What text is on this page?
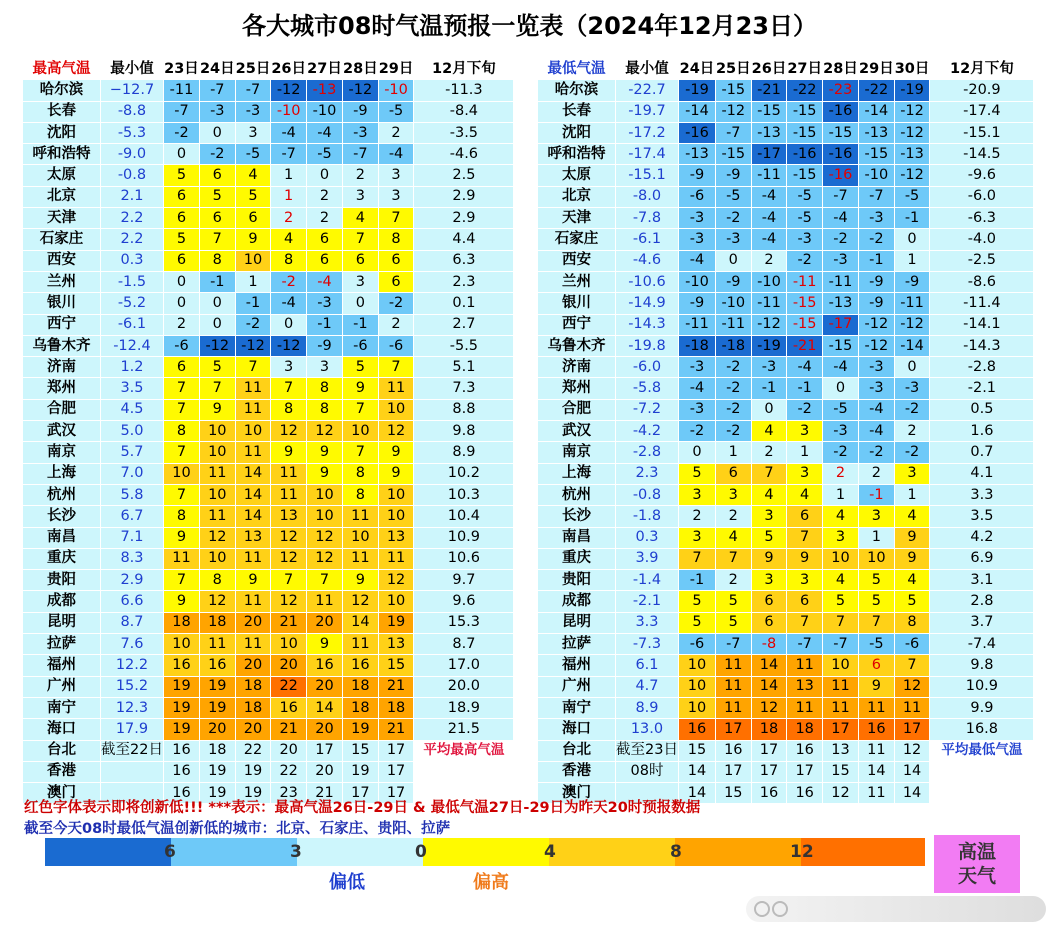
各大城市08时气温预报一览表（2024年12月23日）
最高气温	最小值	23日	24日	25日	26日	27日	28日	29日	12月下旬
哈尔滨	−12.7	-11	-7	-7	-12	-13	-12	-10	-11.3
长春	-8.8	-7	-3	-3	-10	-10	-9	-5	-8.4
沈阳	-5.3	-2	0	3	-4	-4	-3	2	-3.5
呼和浩特	-9.0	0	-2	-5	-7	-5	-7	-4	-4.6
太原	-0.8	5	6	4	1	0	2	3	2.5
北京	2.1	6	5	5	1	2	3	3	2.9
天津	2.2	6	6	6	2	2	4	7	2.9
石家庄	2.2	5	7	9	4	6	7	8	4.4
西安	0.3	6	8	10	8	6	6	6	6.3
兰州	-1.5	0	-1	1	-2	-4	3	6	2.3
银川	-5.2	0	0	-1	-4	-3	0	-2	0.1
西宁	-6.1	2	0	-2	0	-1	-1	2	2.7
乌鲁木齐	-12.4	-6	-12	-12	-12	-9	-6	-6	-5.5
济南	1.2	6	5	7	3	3	5	7	5.1
郑州	3.5	7	7	11	7	8	9	11	7.3
合肥	4.5	7	9	11	8	8	7	10	8.8
武汉	5.0	8	10	10	12	12	10	12	9.8
南京	5.7	7	10	11	9	9	7	9	8.9
上海	7.0	10	11	14	11	9	8	9	10.2
杭州	5.8	7	10	14	11	10	8	10	10.3
长沙	6.7	8	11	14	13	10	11	10	10.4
南昌	7.1	9	12	13	12	12	10	13	10.9
重庆	8.3	11	10	11	12	12	11	11	10.6
贵阳	2.9	7	8	9	7	7	9	12	9.7
成都	6.6	9	12	11	12	11	12	10	9.6
昆明	8.7	18	18	20	21	20	14	19	15.3
拉萨	7.6	10	11	11	10	9	11	13	8.7
福州	12.2	16	16	20	20	16	16	15	17.0
广州	15.2	19	19	18	22	20	18	21	20.0
南宁	12.3	19	19	18	16	14	18	18	18.9
海口	17.9	19	20	20	21	20	19	21	21.5
台北	截至22日	16	18	22	20	17	15	17	平均最高气温
香港		16	19	19	22	20	19	17	
澳门		16	19	19	23	21	17	17	
最低气温	最小值	24日	25日	26日	27日	28日	29日	30日	12月下旬
哈尔滨	-22.7	-19	-15	-21	-22	-23	-22	-19	-20.9
长春	-19.7	-14	-12	-15	-15	-16	-14	-12	-17.4
沈阳	-17.2	-16	-7	-13	-15	-15	-13	-12	-15.1
呼和浩特	-17.4	-13	-15	-17	-16	-16	-15	-13	-14.5
太原	-15.1	-9	-9	-11	-15	-16	-10	-12	-9.6
北京	-8.0	-6	-5	-4	-5	-7	-7	-5	-6.0
天津	-7.8	-3	-2	-4	-5	-4	-3	-1	-6.3
石家庄	-6.1	-3	-3	-4	-3	-2	-2	0	-4.0
西安	-4.6	-4	0	2	-2	-3	-1	1	-2.5
兰州	-10.6	-10	-9	-10	-11	-11	-9	-9	-8.6
银川	-14.9	-9	-10	-11	-15	-13	-9	-11	-11.4
西宁	-14.3	-11	-11	-12	-15	-17	-12	-12	-14.1
乌鲁木齐	-19.8	-18	-18	-19	-21	-15	-12	-14	-14.3
济南	-6.0	-3	-2	-3	-4	-4	-3	0	-2.8
郑州	-5.8	-4	-2	-1	-1	0	-3	-3	-2.1
合肥	-7.2	-3	-2	0	-2	-5	-4	-2	0.5
武汉	-4.2	-2	-2	4	3	-3	-4	2	1.6
南京	-2.8	0	1	2	1	-2	-2	-2	0.7
上海	2.3	5	6	7	3	2	2	3	4.1
杭州	-0.8	3	3	4	4	1	-1	1	3.3
长沙	-1.8	2	2	3	6	4	3	4	3.5
南昌	0.3	3	4	5	7	3	1	9	4.2
重庆	3.9	7	7	9	9	10	10	9	6.9
贵阳	-1.4	-1	2	3	3	4	5	4	3.1
成都	-2.1	5	5	6	6	5	5	5	2.8
昆明	3.3	5	5	6	7	7	7	8	3.7
拉萨	-7.3	-6	-7	-8	-7	-7	-5	-6	-7.4
福州	6.1	10	11	14	11	10	6	7	9.8
广州	4.7	10	11	14	13	11	9	12	10.9
南宁	8.9	10	11	12	11	11	11	11	9.9
海口	13.0	16	17	18	18	17	16	17	16.8
台北	截至23日	15	16	17	16	13	11	12	平均最低气温
香港	08时	14	17	17	17	15	14	14	
澳门		14	15	16	16	12	11	14	
红色字体表示即将创新低!!! ***表示：最高气温26日-29日 & 最低气温27日-29日为昨天20时预报数据
截至今天08时最低气温创新低的城市：北京、石家庄、贵阳、拉萨
6	3	0	4	8	12
偏低	偏高
高温
天气
